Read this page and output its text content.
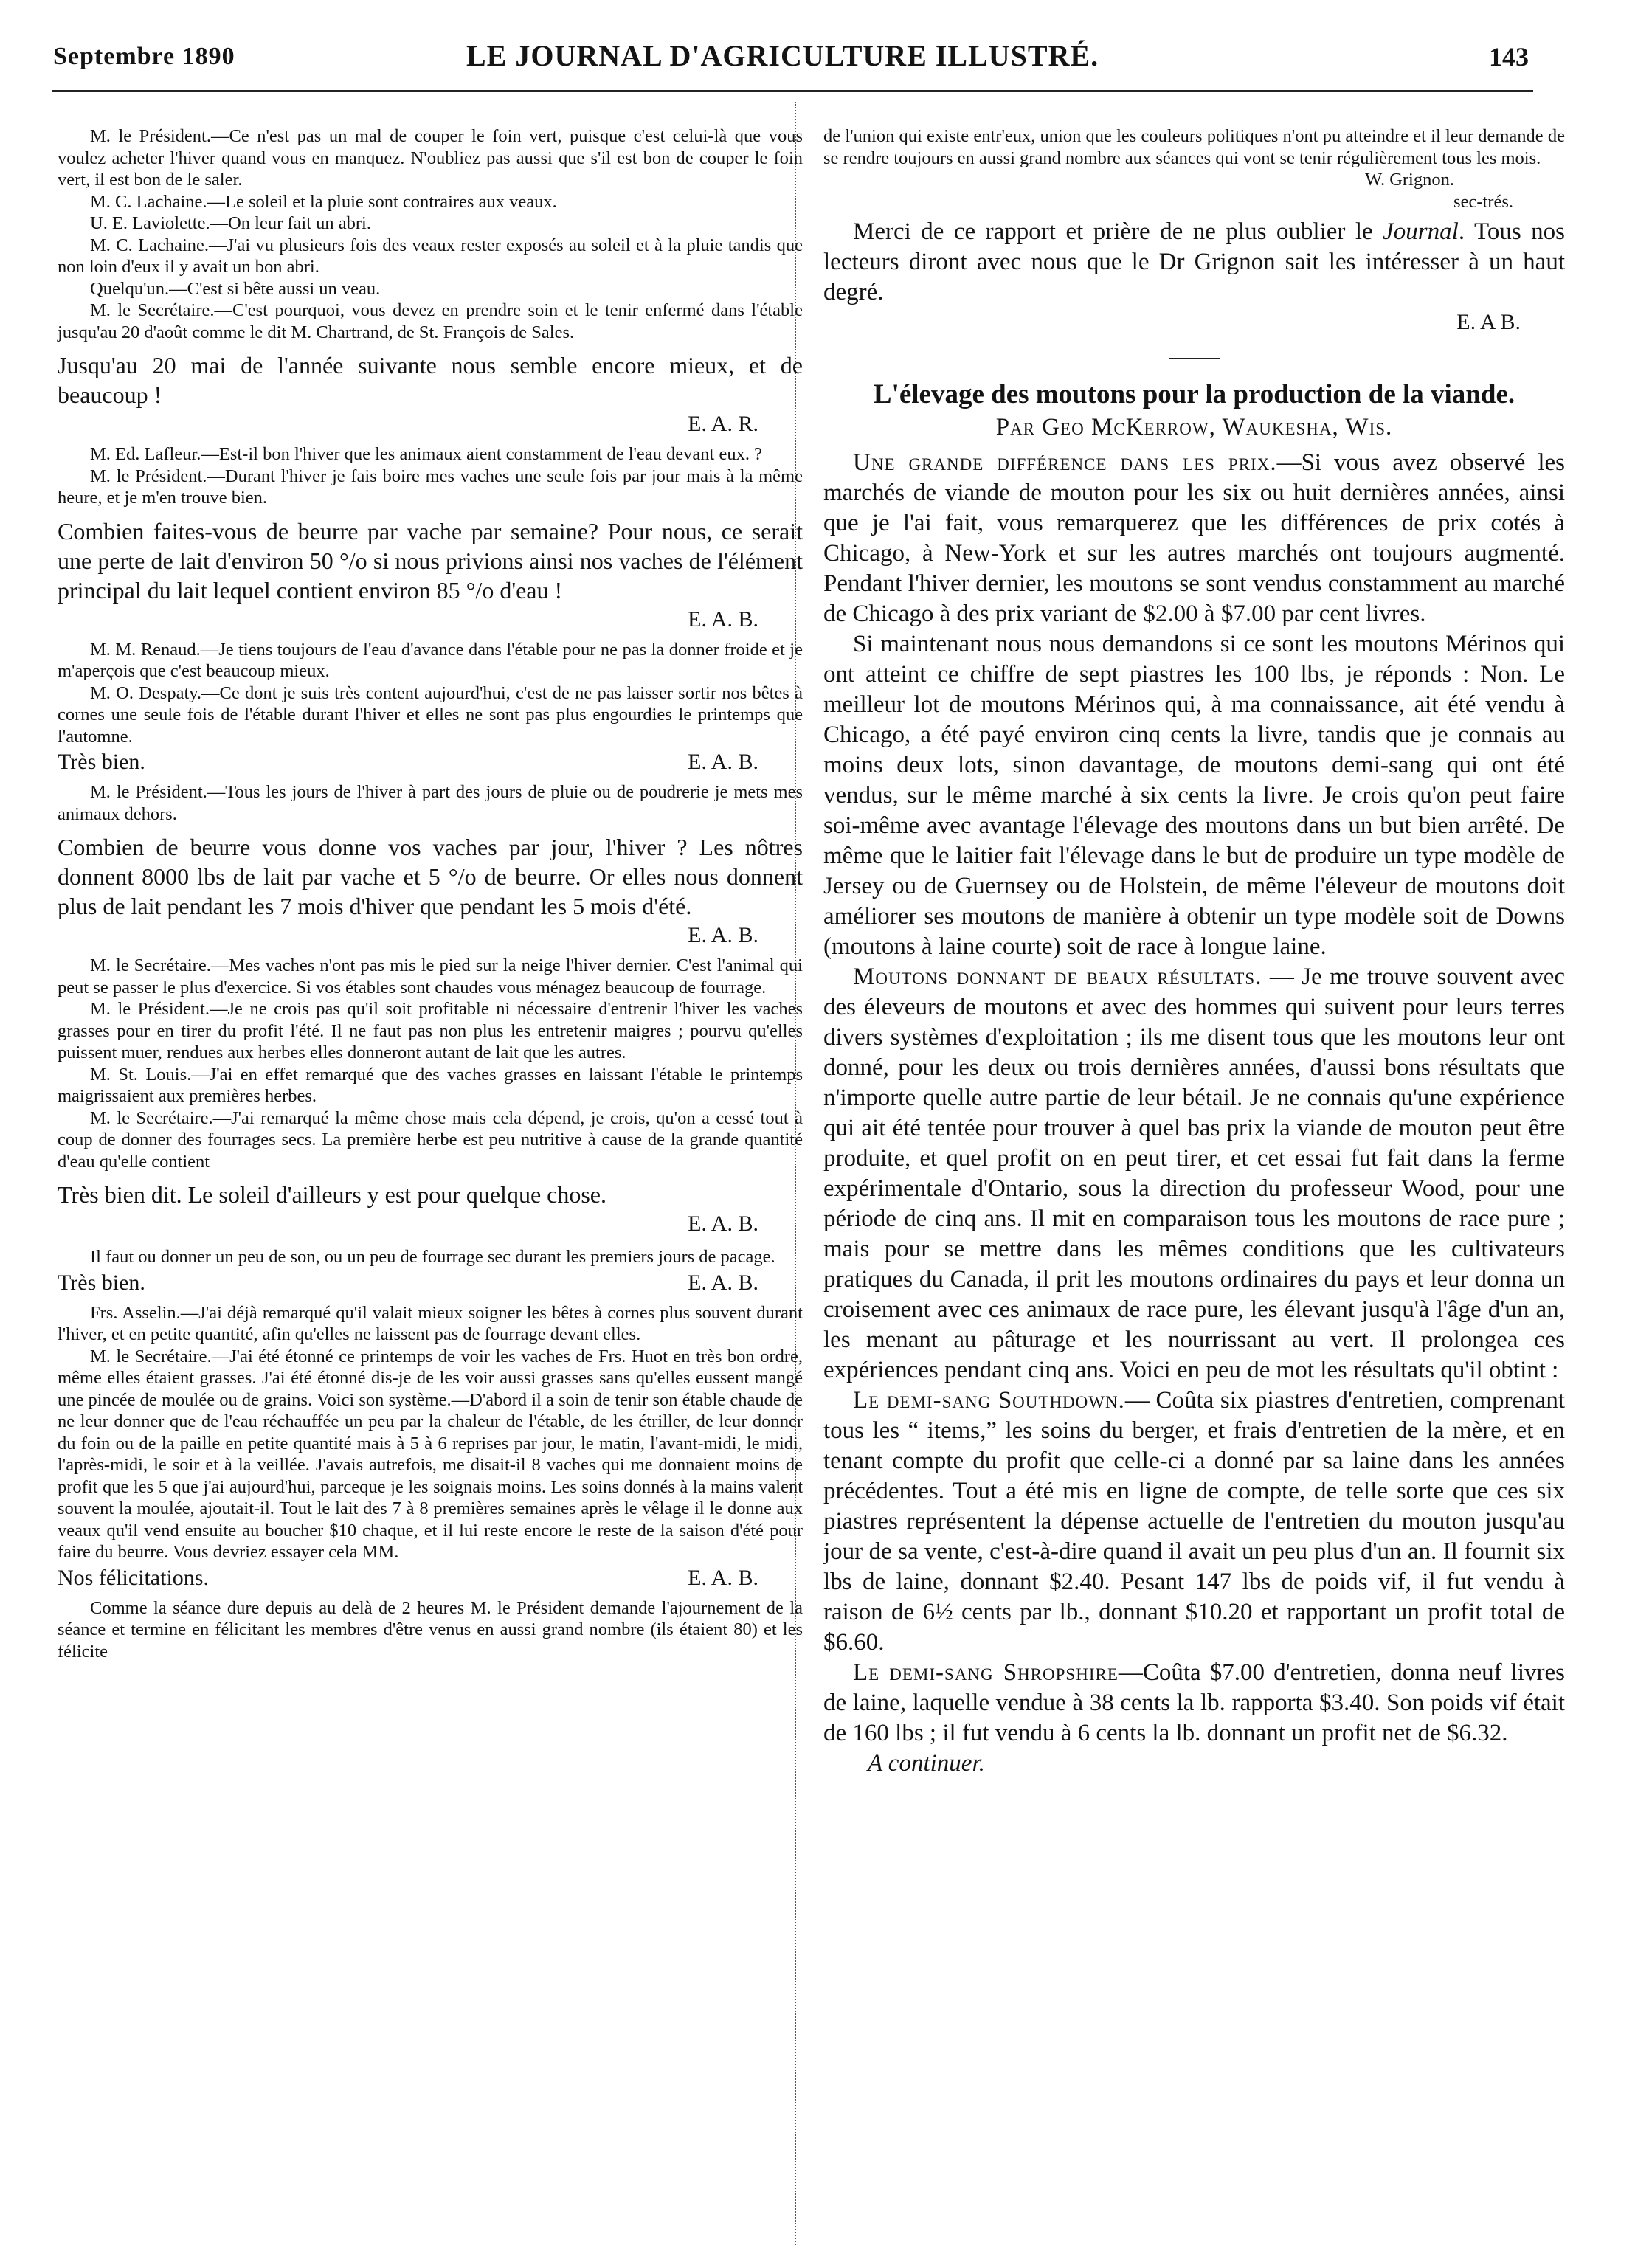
Septembre 1890	LE JOURNAL D'AGRICULTURE ILLUSTRÉ.	143

M. le Président.—Ce n'est pas un mal de couper le foin vert, puisque c'est celui-là que vous voulez acheter l'hiver quand vous en manquez. N'oubliez pas aussi que s'il est bon de couper le foin vert, il est bon de le saler.

M. C. Lachaine.—Le soleil et la pluie sont contraires aux veaux.

U. E. Laviolette.—On leur fait un abri.

M. C. Lachaine.—J'ai vu plusieurs fois des veaux rester exposés au soleil et à la pluie tandis que non loin d'eux il y avait un bon abri.

Quelqu'un.—C'est si bête aussi un veau.

M. le Secrétaire.—C'est pourquoi, vous devez en prendre soin et le tenir enfermé dans l'étable jusqu'au 20 d'août comme le dit M. Chartrand, de St. François de Sales.

Jusqu'au 20 mai de l'année suivante nous semble encore mieux, et de beaucoup !

E. A. R.

M. Ed. Lafleur.—Est-il bon l'hiver que les animaux aient constamment de l'eau devant eux. ?

M. le Président.—Durant l'hiver je fais boire mes vaches une seule fois par jour mais à la même heure, et je m'en trouve bien.

Combien faites-vous de beurre par vache par semaine? Pour nous, ce serait une perte de lait d'environ 50 °/o si nous privions ainsi nos vaches de l'élément principal du lait lequel contient environ 85 °/o d'eau !

E. A. B.

M. M. Renaud.—Je tiens toujours de l'eau d'avance dans l'étable pour ne pas la donner froide et je m'aperçois que c'est beaucoup mieux.

M. O. Despaty.—Ce dont je suis très content aujourd'hui, c'est de ne pas laisser sortir nos bêtes à cornes une seule fois de l'étable durant l'hiver et elles ne sont pas plus engourdies le printemps que l'automne.

Très bien.	E. A. B.

M. le Président.—Tous les jours de l'hiver à part des jours de pluie ou de poudrerie je mets mes animaux dehors.

Combien de beurre vous donne vos vaches par jour, l'hiver ? Les nôtres donnent 8000 lbs de lait par vache et 5 °/o de beurre. Or elles nous donnent plus de lait pendant les 7 mois d'hiver que pendant les 5 mois d'été.

E. A. B.

M. le Secrétaire.—Mes vaches n'ont pas mis le pied sur la neige l'hiver dernier. C'est l'animal qui peut se passer le plus d'exercice. Si vos étables sont chaudes vous ménagez beaucoup de fourrage.

M. le Président.—Je ne crois pas qu'il soit profitable ni nécessaire d'entrenir l'hiver les vaches grasses pour en tirer du profit l'été. Il ne faut pas non plus les entretenir maigres ; pourvu qu'elles puissent muer, rendues aux herbes elles donneront autant de lait que les autres.

M. St. Louis.—J'ai en effet remarqué que des vaches grasses en laissant l'étable le printemps maigrissaient aux premières herbes.

M. le Secrétaire.—J'ai remarqué la même chose mais cela dépend, je crois, qu'on a cessé tout à coup de donner des fourrages secs. La première herbe est peu nutritive à cause de la grande quantité d'eau qu'elle contient

Très bien dit. Le soleil d'ailleurs y est pour quelque chose.

E. A. B.

Il faut ou donner un peu de son, ou un peu de fourrage sec durant les premiers jours de pacage.

Très bien.	E. A. B.

Frs. Asselin.—J'ai déjà remarqué qu'il valait mieux soigner les bêtes à cornes plus souvent durant l'hiver, et en petite quantité, afin qu'elles ne laissent pas de fourrage devant elles.

M. le Secrétaire.—J'ai été étonné ce printemps de voir les vaches de Frs. Huot en très bon ordre, même elles étaient grasses. J'ai été étonné dis-je de les voir aussi grasses sans qu'elles eussent mangé une pincée de moulée ou de grains. Voici son système.—D'abord il a soin de tenir son étable chaude de ne leur donner que de l'eau réchauffée un peu par la chaleur de l'étable, de les étriller, de leur donner du foin ou de la paille en petite quantité mais à 5 à 6 reprises par jour, le matin, l'avant-midi, le midi, l'après-midi, le soir et à la veillée. J'avais autrefois, me disait-il 8 vaches qui me donnaient moins de profit que les 5 que j'ai aujourd'hui, parceque je les soignais moins. Les soins donnés à la mains valent souvent la moulée, ajoutait-il. Tout le lait des 7 à 8 premières semaines après le vêlage il le donne aux veaux qu'il vend ensuite au boucher $10 chaque, et il lui reste encore le reste de la saison d'été pour faire du beurre. Vous devriez essayer cela MM.

Nos félicitations.	E. A. B.

Comme la séance dure depuis au delà de 2 heures M. le Président demande l'ajournement de la séance et termine en félicitant les membres d'être venus en aussi grand nombre (ils étaient 80) et les félicite

de l'union qui existe entr'eux, union que les couleurs politiques n'ont pu atteindre et il leur demande de se rendre toujours en aussi grand nombre aux séances qui vont se tenir régulièrement tous les mois.

W. Grignon.
sec-trés.

Merci de ce rapport et prière de ne plus oublier le Journal. Tous nos lecteurs diront avec nous que le Dr Grignon sait les intéresser à un haut degré.

E. A B.
L'élevage des moutons pour la production de la viande.
Par Geo McKerrow, Waukesha, Wis.

Une grande différence dans les prix.—Si vous avez observé les marchés de viande de mouton pour les six ou huit dernières années, ainsi que je l'ai fait, vous remarquerez que les différences de prix cotés à Chicago, à New-York et sur les autres marchés ont toujours augmenté. Pendant l'hiver dernier, les moutons se sont vendus constamment au marché de Chicago à des prix variant de $2.00 à $7.00 par cent livres.

Si maintenant nous nous demandons si ce sont les moutons Mérinos qui ont atteint ce chiffre de sept piastres les 100 lbs, je réponds : Non. Le meilleur lot de moutons Mérinos qui, à ma connaissance, ait été vendu à Chicago, a été payé environ cinq cents la livre, tandis que je connais au moins deux lots, sinon davantage, de moutons demi-sang qui ont été vendus, sur le même marché à six cents la livre. Je crois qu'on peut faire soi-même avec avantage l'élevage des moutons dans un but bien arrêté. De même que le laitier fait l'élevage dans le but de produire un type modèle de Jersey ou de Guernsey ou de Holstein, de même l'éleveur de moutons doit améliorer ses moutons de manière à obtenir un type modèle soit de Downs (moutons à laine courte) soit de race à longue laine.

Moutons donnant de beaux résultats. — Je me trouve souvent avec des éleveurs de moutons et avec des hommes qui suivent pour leurs terres divers systèmes d'exploitation ; ils me disent tous que les moutons leur ont donné, pour les deux ou trois dernières années, d'aussi bons résultats que n'importe quelle autre partie de leur bétail. Je ne connais qu'une expérience qui ait été tentée pour trouver à quel bas prix la viande de mouton peut être produite, et quel profit on en peut tirer, et cet essai fut fait dans la ferme expérimentale d'Ontario, sous la direction du professeur Wood, pour une période de cinq ans. Il mit en comparaison tous les moutons de race pure ; mais pour se mettre dans les mêmes conditions que les cultivateurs pratiques du Canada, il prit les moutons ordinaires du pays et leur donna un croisement avec ces animaux de race pure, les élevant jusqu'à l'âge d'un an, les menant au pâturage et les nourrissant au vert. Il prolongea ces expériences pendant cinq ans. Voici en peu de mot les résultats qu'il obtint :

Le demi-sang Southdown.— Coûta six piastres d'entretien, comprenant tous les “ items,” les soins du berger, et frais d'entretien de la mère, et en tenant compte du profit que celle-ci a donné par sa laine dans les années précédentes. Tout a été mis en ligne de compte, de telle sorte que ces six piastres représentent la dépense actuelle de l'entretien du mouton jusqu'au jour de sa vente, c'est-à-dire quand il avait un peu plus d'un an. Il fournit six lbs de laine, donnant $2.40. Pesant 147 lbs de poids vif, il fut vendu à raison de 6½ cents par lb., donnant $10.20 et rapportant un profit total de $6.60.

Le demi-sang Shropshire—Coûta $7.00 d'entretien, donna neuf livres de laine, laquelle vendue à 38 cents la lb. rapporta $3.40. Son poids vif était de 160 lbs ; il fut vendu à 6 cents la lb. donnant un profit net de $6.32.

A continuer.
